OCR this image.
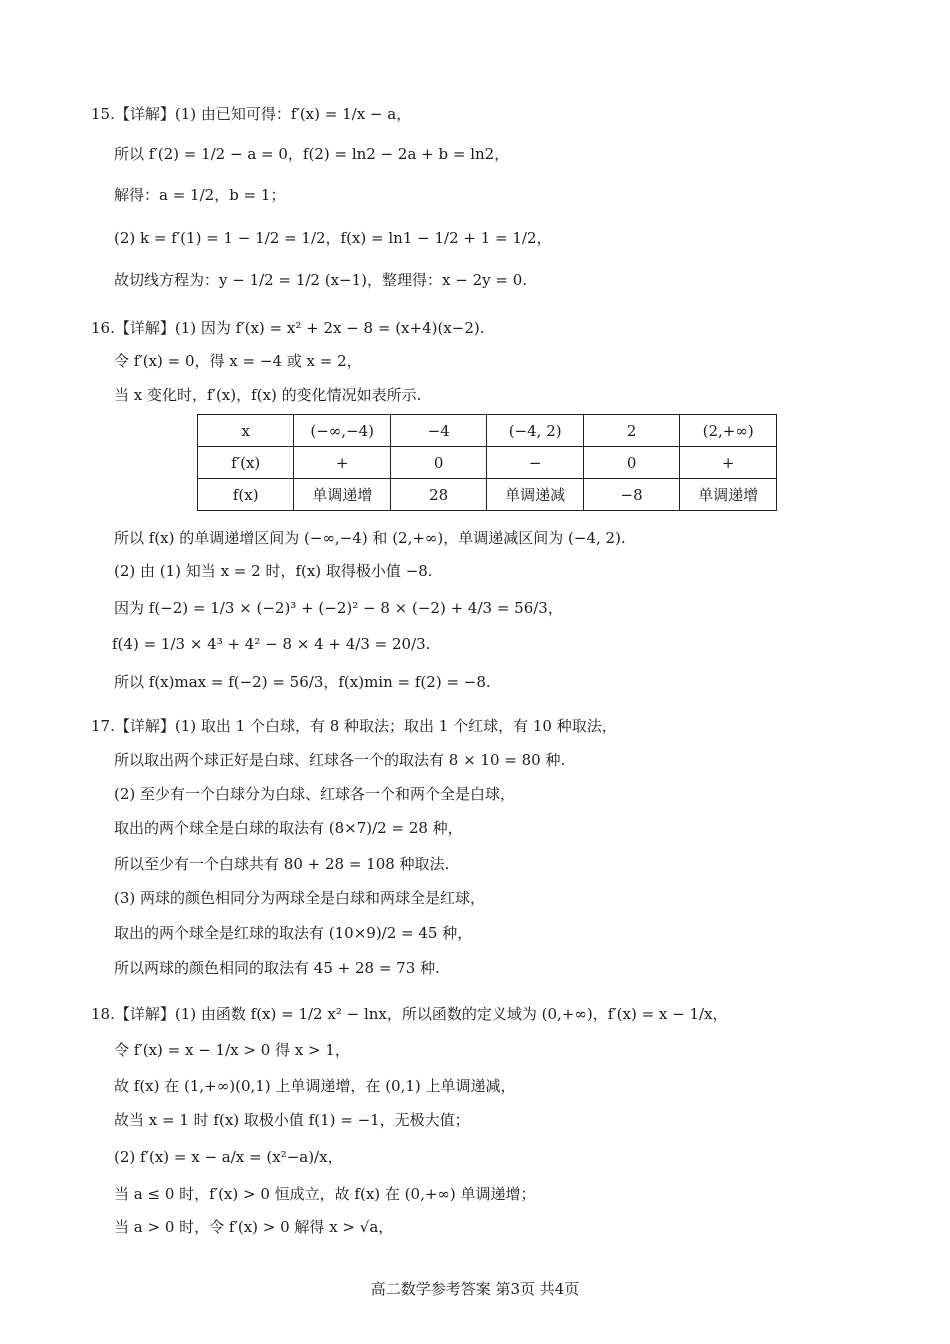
15.【详解】(1) 由已知可得：f′(x) = 1/x − a，
所以 f′(2) = 1/2 − a = 0，f(2) = ln2 − 2a + b = ln2，
解得：a = 1/2，b = 1；
(2) k = f′(1) = 1 − 1/2 = 1/2，f(x) = ln1 − 1/2 + 1 = 1/2，
故切线方程为：y − 1/2 = 1/2 (x−1)，整理得：x − 2y = 0.
16.【详解】(1) 因为 f′(x) = x² + 2x − 8 = (x+4)(x−2).
令 f′(x) = 0，得 x = −4 或 x = 2，
当 x 变化时，f′(x)，f(x) 的变化情况如表所示.
x	(−∞,−4)	−4	(−4, 2)	2	(2,+∞)
f′(x)	+	0	−	0	+
f(x)	单调递增	28	单调递减	−8	单调递增
所以 f(x) 的单调递增区间为 (−∞,−4) 和 (2,+∞)，单调递减区间为 (−4, 2).
(2) 由 (1) 知当 x = 2 时，f(x) 取得极小值 −8.
因为 f(−2) = 1/3 × (−2)³ + (−2)² − 8 × (−2) + 4/3 = 56/3，
f(4) = 1/3 × 4³ + 4² − 8 × 4 + 4/3 = 20/3.
所以 f(x)max = f(−2) = 56/3，f(x)min = f(2) = −8.
17.【详解】(1) 取出 1 个白球，有 8 种取法；取出 1 个红球，有 10 种取法，
所以取出两个球正好是白球、红球各一个的取法有 8 × 10 = 80 种.
(2) 至少有一个白球分为白球、红球各一个和两个全是白球，
取出的两个球全是白球的取法有 (8×7)/2 = 28 种，
所以至少有一个白球共有 80 + 28 = 108 种取法.
(3) 两球的颜色相同分为两球全是白球和两球全是红球，
取出的两个球全是红球的取法有 (10×9)/2 = 45 种，
所以两球的颜色相同的取法有 45 + 28 = 73 种.
18.【详解】(1) 由函数 f(x) = 1/2 x² − lnx，所以函数的定义域为 (0,+∞)，f′(x) = x − 1/x，
令 f′(x) = x − 1/x > 0 得 x > 1，
故 f(x) 在 (1,+∞)(0,1) 上单调递增，在 (0,1) 上单调递减，
故当 x = 1 时 f(x) 取极小值 f(1) = −1，无极大值；
(2) f′(x) = x − a/x = (x²−a)/x，
当 a ≤ 0 时，f′(x) > 0 恒成立，故 f(x) 在 (0,+∞) 单调递增；
当 a > 0 时，令 f′(x) > 0 解得 x > √a，
高二数学参考答案 第3页 共4页
